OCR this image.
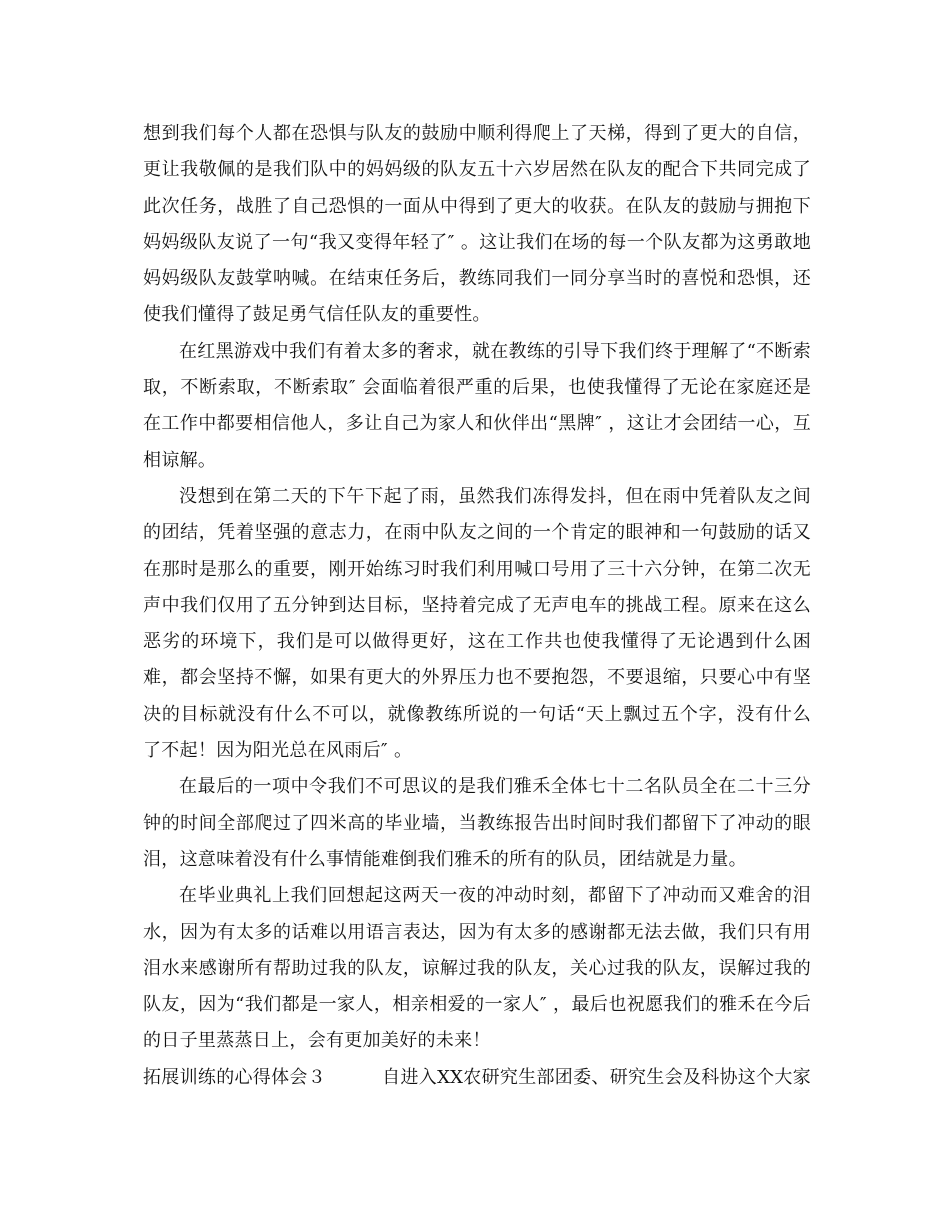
想到我们每个人都在恐惧与队友的鼓励中顺利得爬上了天梯，得到了更大的自信，更让我敬佩的是我们队中的妈妈级的队友五十六岁居然在队友的配合下共同完成了此次任务，战胜了自己恐惧的一面从中得到了更大的收获。在队友的鼓励与拥抱下妈妈级队友说了一句“我又变得年轻了″ 。这让我们在场的每一个队友都为这勇敢地妈妈级队友鼓掌呐喊。在结束任务后，教练同我们一同分享当时的喜悦和恐惧，还使我们懂得了鼓足勇气信任队友的重要性。

在红黑游戏中我们有着太多的奢求，就在教练的引导下我们终于理解了“不断索取，不断索取，不断索取″ 会面临着很严重的后果，也使我懂得了无论在家庭还是在工作中都要相信他人，多让自己为家人和伙伴出“黑牌″ ，这让才会团结一心，互相谅解。

没想到在第二天的下午下起了雨，虽然我们冻得发抖，但在雨中凭着队友之间的团结，凭着坚强的意志力，在雨中队友之间的一个肯定的眼神和一句鼓励的话又在那时是那么的重要，刚开始练习时我们利用喊口号用了三十六分钟，在第二次无声中我们仅用了五分钟到达目标，坚持着完成了无声电车的挑战工程。原来在这么恶劣的环境下，我们是可以做得更好，这在工作共也使我懂得了无论遇到什么困难，都会坚持不懈，如果有更大的外界压力也不要抱怨，不要退缩，只要心中有坚决的目标就没有什么不可以，就像教练所说的一句话“天上飘过五个字，没有什么了不起！因为阳光总在风雨后″ 。

在最后的一项中令我们不可思议的是我们雅禾全体七十二名队员全在二十三分钟的时间全部爬过了四米高的毕业墙，当教练报告出时间时我们都留下了冲动的眼泪，这意味着没有什么事情能难倒我们雅禾的所有的队员，团结就是力量。

在毕业典礼上我们回想起这两天一夜的冲动时刻，都留下了冲动而又难舍的泪水，因为有太多的话难以用语言表达，因为有太多的感谢都无法去做，我们只有用泪水来感谢所有帮助过我的队友，谅解过我的队友，关心过我的队友，误解过我的队友，因为“我们都是一家人，相亲相爱的一家人″ ，最后也祝愿我们的雅禾在今后的日子里蒸蒸日上，会有更加美好的未来！

拓展训练的心得体会３	自进入XX农研究生部团委、研究生会及科协这个大家
